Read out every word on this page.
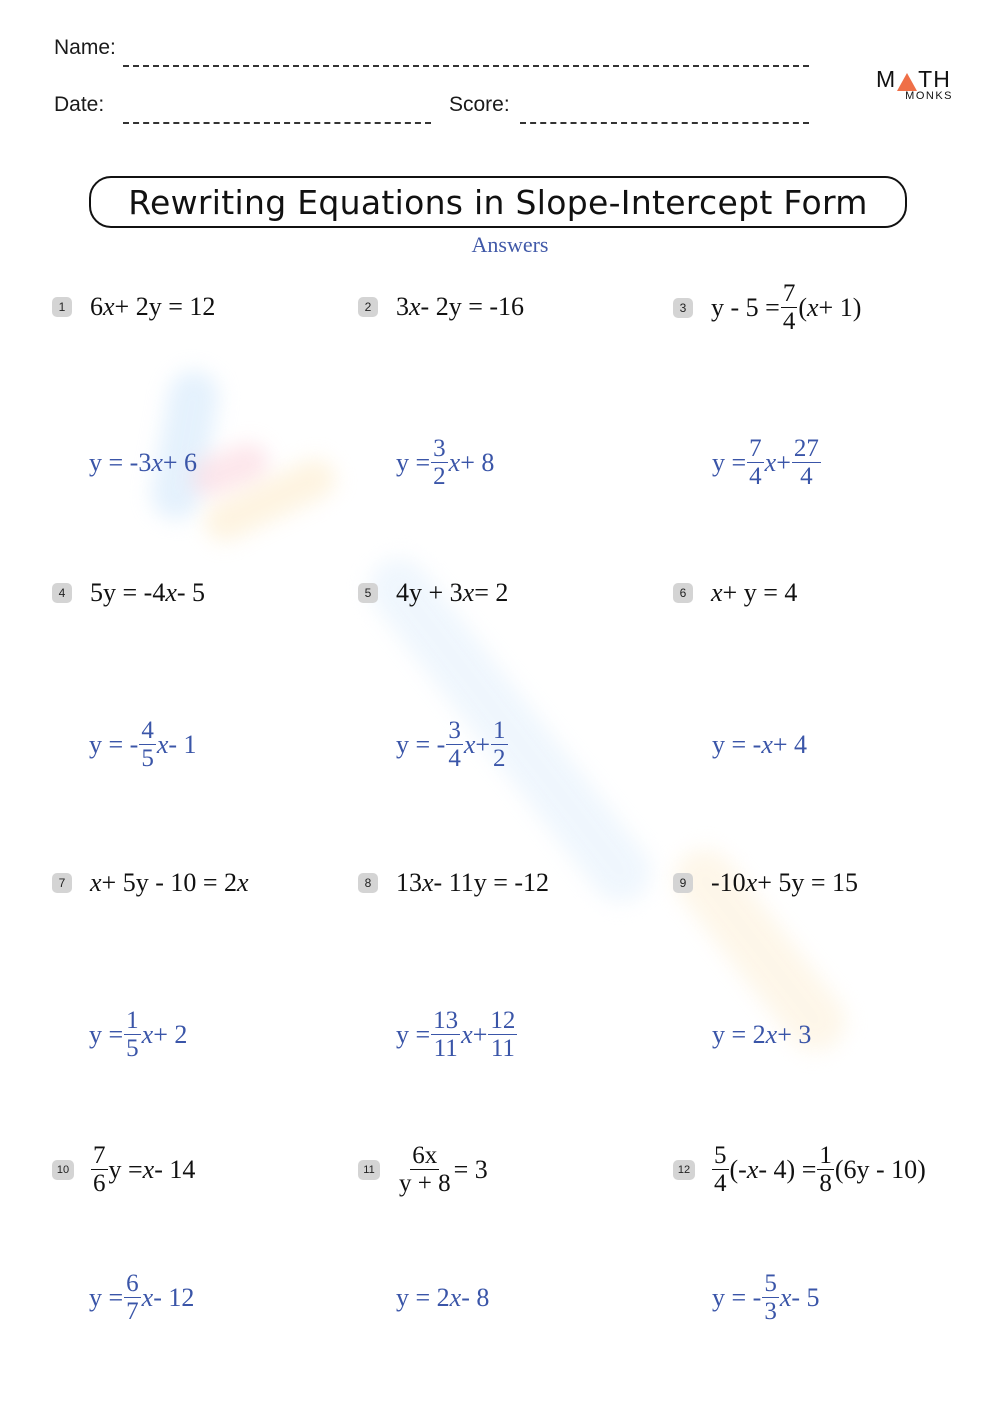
Name:
Date:	Score:
M TH
MONKS
Rewriting Equations in Slope-Intercept Form
Answers
1 6 x + 2y = 12
y = -3 x + 6
2 3 x - 2y = -16
$y = \frac{3}{2}$ x + 8
3 $y - 5 = \frac{7}{4}$ ( x + 1)
$y = \frac{7}{4}$ $x + \frac{27}{4}$
4 5y = -4 x - 5
y = - $\frac{4}{5}$ x - 1
5 4y + 3 x = 2
y = - $\frac{3}{4}$ $x + \frac{1}{2}$
6 x + y = 4
y = - x + 4
7 x + 5y - 10 = 2 x
$y = \frac{1}{5}$ x + 2
8 13 x - 11y = -12
$y = \frac{13}{11}$ $x + \frac{12}{11}$
9 -10 x + 5y = 15
y = 2 x + 3
$10 \frac{7}{6}$ y = x - 14
$y = \frac{6}{7}$ x - 12
$11 \frac{6x}{y + 8} = 3$
y = 2 x - 8
$12 \frac{5}{4}$ (- $x - 4) = \frac{1}{8} (6y - 10)$
y = - $\frac{5}{3}$ x - 5
